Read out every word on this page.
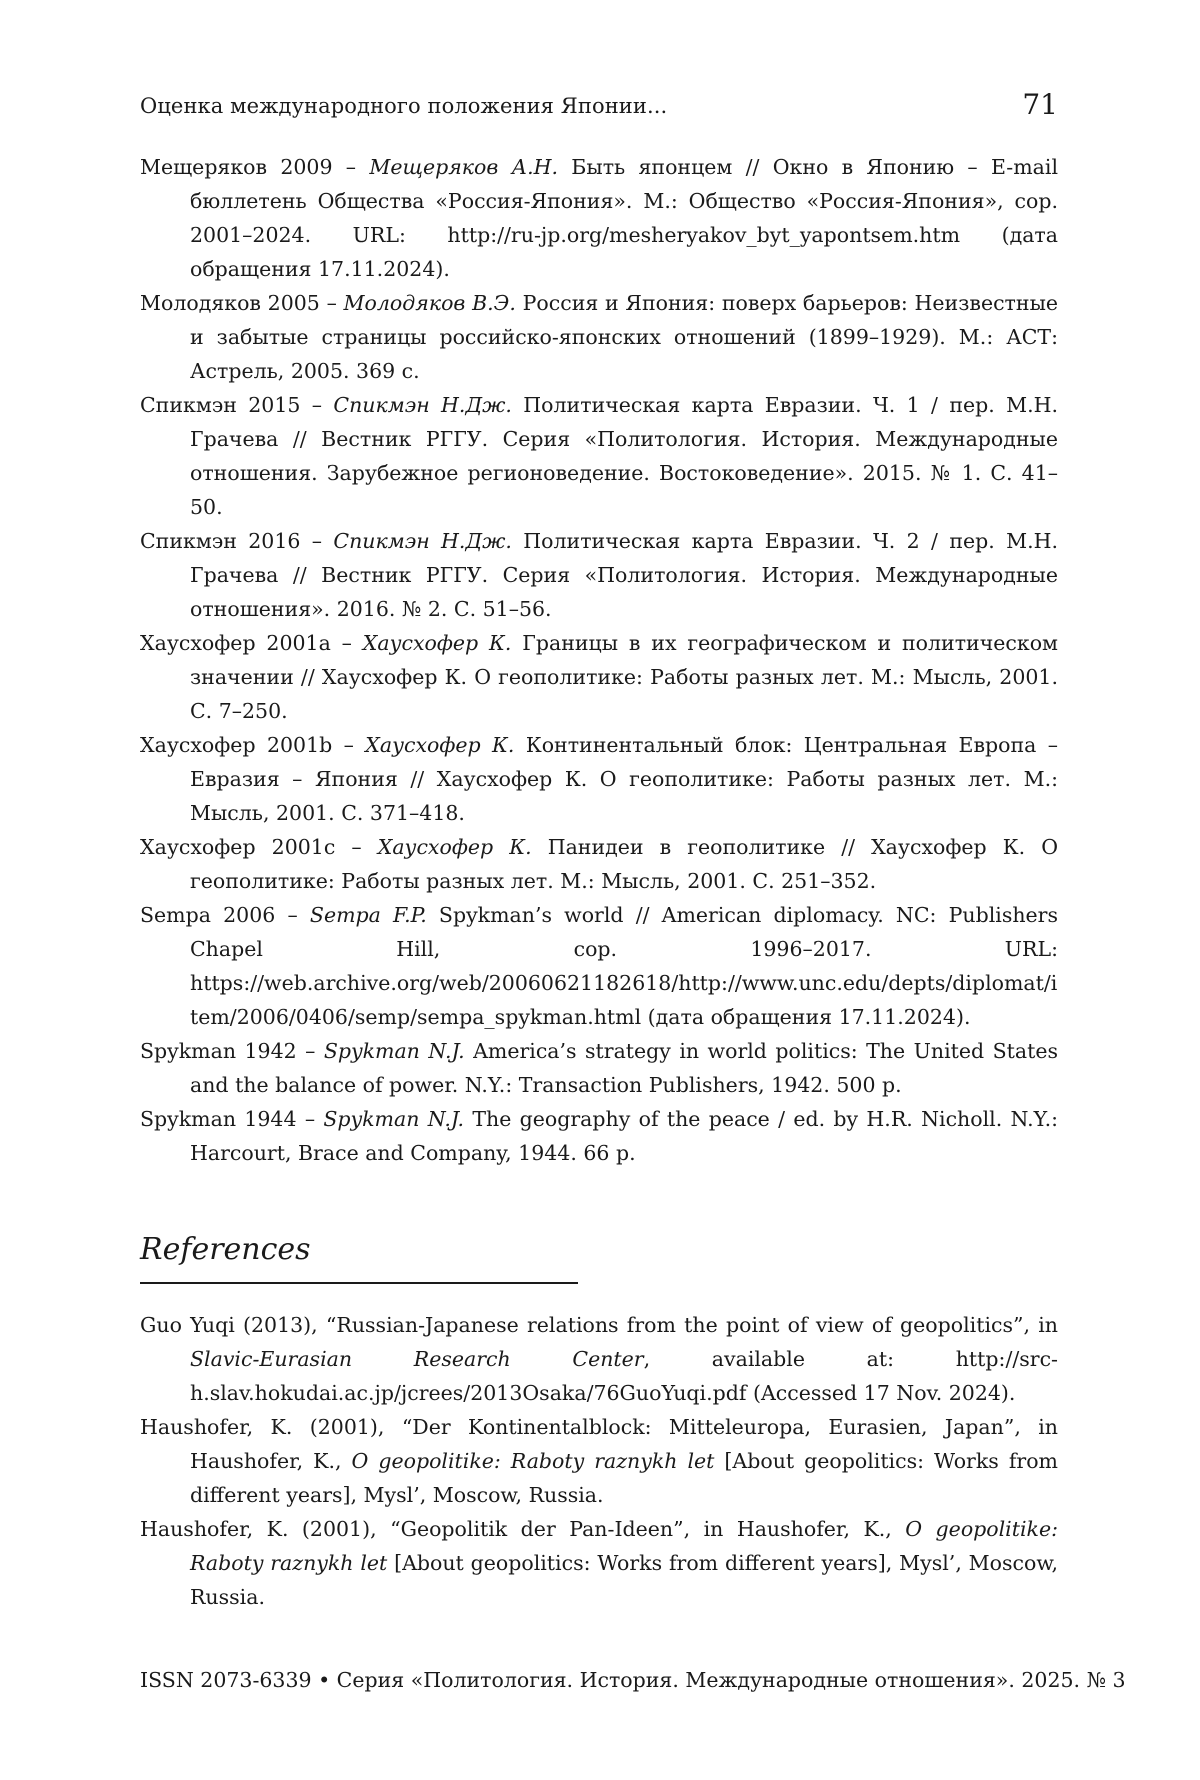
Оценка международного положения Японии...	71

Мещеряков 2009 – Мещеряков А.Н. Быть японцем // Окно в Японию – E-mail бюллетень Общества «Россия-Япония». М.: Общество «Россия-Япония», cop. 2001–2024. URL: http://ru-jp.org/mesheryakov_byt_yapontsem.htm (дата обращения 17.11.2024).

Молодяков 2005 – Молодяков В.Э. Россия и Япония: поверх барьеров: Неизвестные и забытые страницы российско-японских отношений (1899–1929). М.: АСТ: Астрель, 2005. 369 с.

Спикмэн 2015 – Спикмэн Н.Дж. Политическая карта Евразии. Ч. 1 / пер. М.Н. Грачева // Вестник РГГУ. Серия «Политология. История. Международные отношения. Зарубежное регионоведение. Востоковедение». 2015. № 1. С. 41–50.

Спикмэн 2016 – Спикмэн Н.Дж. Политическая карта Евразии. Ч. 2 / пер. М.Н. Грачева // Вестник РГГУ. Серия «Политология. История. Международные отношения». 2016. № 2. С. 51–56.

Хаусхофер 2001a – Хаусхофер К. Границы в их географическом и политическом значении // Хаусхофер К. О геополитике: Работы разных лет. М.: Мысль, 2001. С. 7–250.

Хаусхофер 2001b – Хаусхофер К. Континентальный блок: Центральная Европа – Евразия – Япония // Хаусхофер К. О геополитике: Работы разных лет. М.: Мысль, 2001. С. 371–418.

Хаусхофер 2001c – Хаусхофер К. Панидеи в геополитике // Хаусхофер К. О геополитике: Работы разных лет. М.: Мысль, 2001. С. 251–352.

Sempa 2006 – Sempa F.P. Spykman’s world // American diplomacy. NC: Publishers Chapel Hill, cop. 1996–2017. URL: https://web.archive.org/web/20060621182618/http://www.unc.edu/depts/diplomat/item/2006/0406/semp/sempa_spykman.html (дата обращения 17.11.2024).

Spykman 1942 – Spykman N.J. America’s strategy in world politics: The United States and the balance of power. N.Y.: Transaction Publishers, 1942. 500 p.

Spykman 1944 – Spykman N.J. The geography of the peace / ed. by H.R. Nicholl. N.Y.: Harcourt, Brace and Company, 1944. 66 p.

References

Guo Yuqi (2013), “Russian-Japanese relations from the point of view of geopolitics”, in Slavic-Eurasian Research Center, available at: http://src-h.slav.hokudai.ac.jp/jcrees/2013Osaka/76GuoYuqi.pdf (Accessed 17 Nov. 2024).

Haushofer, K. (2001), “Der Kontinentalblock: Mitteleuropa, Eurasien, Japan”, in Haushofer, K., O geopolitike: Raboty raznykh let [About geopolitics: Works from different years], Mysl’, Moscow, Russia.

Haushofer, K. (2001), “Geopolitik der Pan-Ideen”, in Haushofer, K., O geopolitike: Raboty raznykh let [About geopolitics: Works from different years], Mysl’, Moscow, Russia.

ISSN 2073-6339 • Серия «Политология. История. Международные отношения». 2025. № 3
